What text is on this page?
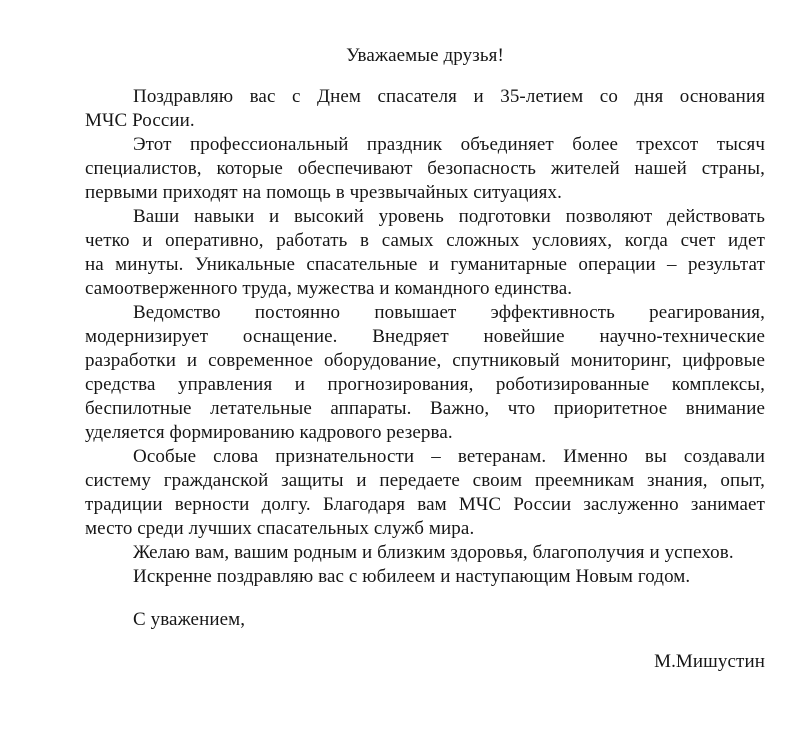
Уважаемые друзья!
Поздравляю вас с Днем спасателя и 35-летием со дня основания
МЧС России.
Этот профессиональный праздник объединяет более трехсот тысяч
специалистов, которые обеспечивают безопасность жителей нашей страны,
первыми приходят на помощь в чрезвычайных ситуациях.
Ваши навыки и высокий уровень подготовки позволяют действовать
четко и оперативно, работать в самых сложных условиях, когда счет идет
на минуты. Уникальные спасательные и гуманитарные операции – результат
самоотверженного труда, мужества и командного единства.
Ведомство постоянно повышает эффективность реагирования,
модернизирует оснащение. Внедряет новейшие научно-технические
разработки и современное оборудование, спутниковый мониторинг, цифровые
средства управления и прогнозирования, роботизированные комплексы,
беспилотные летательные аппараты. Важно, что приоритетное внимание
уделяется формированию кадрового резерва.
Особые слова признательности – ветеранам. Именно вы создавали
систему гражданской защиты и передаете своим преемникам знания, опыт,
традиции верности долгу. Благодаря вам МЧС России заслуженно занимает
место среди лучших спасательных служб мира.
Желаю вам, вашим родным и близким здоровья, благополучия и успехов.
Искренне поздравляю вас с юбилеем и наступающим Новым годом.
С уважением,
М.Мишустин
